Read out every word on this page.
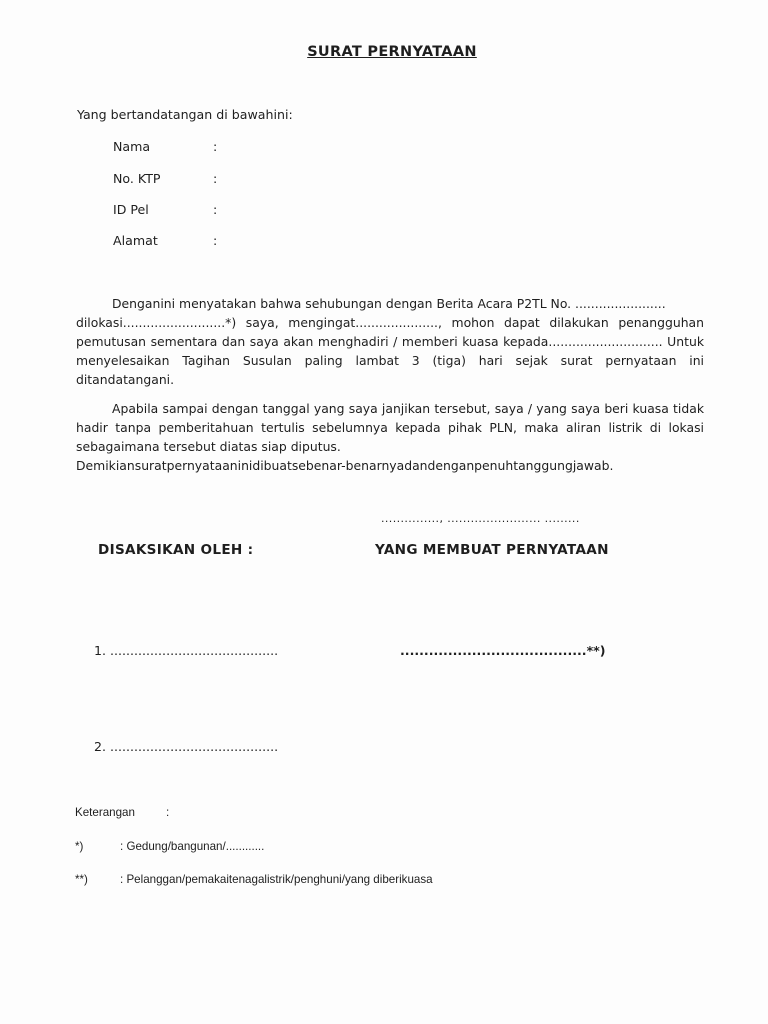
SURAT PERNYATAAN
Yang bertandatangan di bawahini:
Nama	:
No. KTP	:
ID Pel	:
Alamat	:

Denganini menyatakan bahwa sehubungan dengan Berita Acara P2TL No. .......................

dilokasi..........................*) saya, mengingat....................., mohon dapat dilakukan penangguhan pemutusan sementara dan saya akan menghadiri / memberi kuasa kepada............................. Untuk menyelesaikan Tagihan Susulan paling lambat 3 (tiga) hari sejak surat pernyataan ini ditandatangani.

Apabila sampai dengan tanggal yang saya janjikan tersebut, saya / yang saya beri kuasa tidak hadir tanpa pemberitahuan tertulis sebelumnya kepada pihak PLN, maka aliran listrik di lokasi sebagaimana tersebut diatas siap diputus.

Demikiansuratpernyataaninidibuatsebenar-benarnyadandenganpenuhtanggungjawab.

..............., ........................ .........
DISAKSIKAN OLEH :	YANG MEMBUAT PERNYATAAN
1. ..........................................	.......................................**)
2. ..........................................
Keterangan	:
*)	: Gedung/bangunan/............
**)	: Pelanggan/pemakaitenagalistrik/penghuni/yang diberikuasa
